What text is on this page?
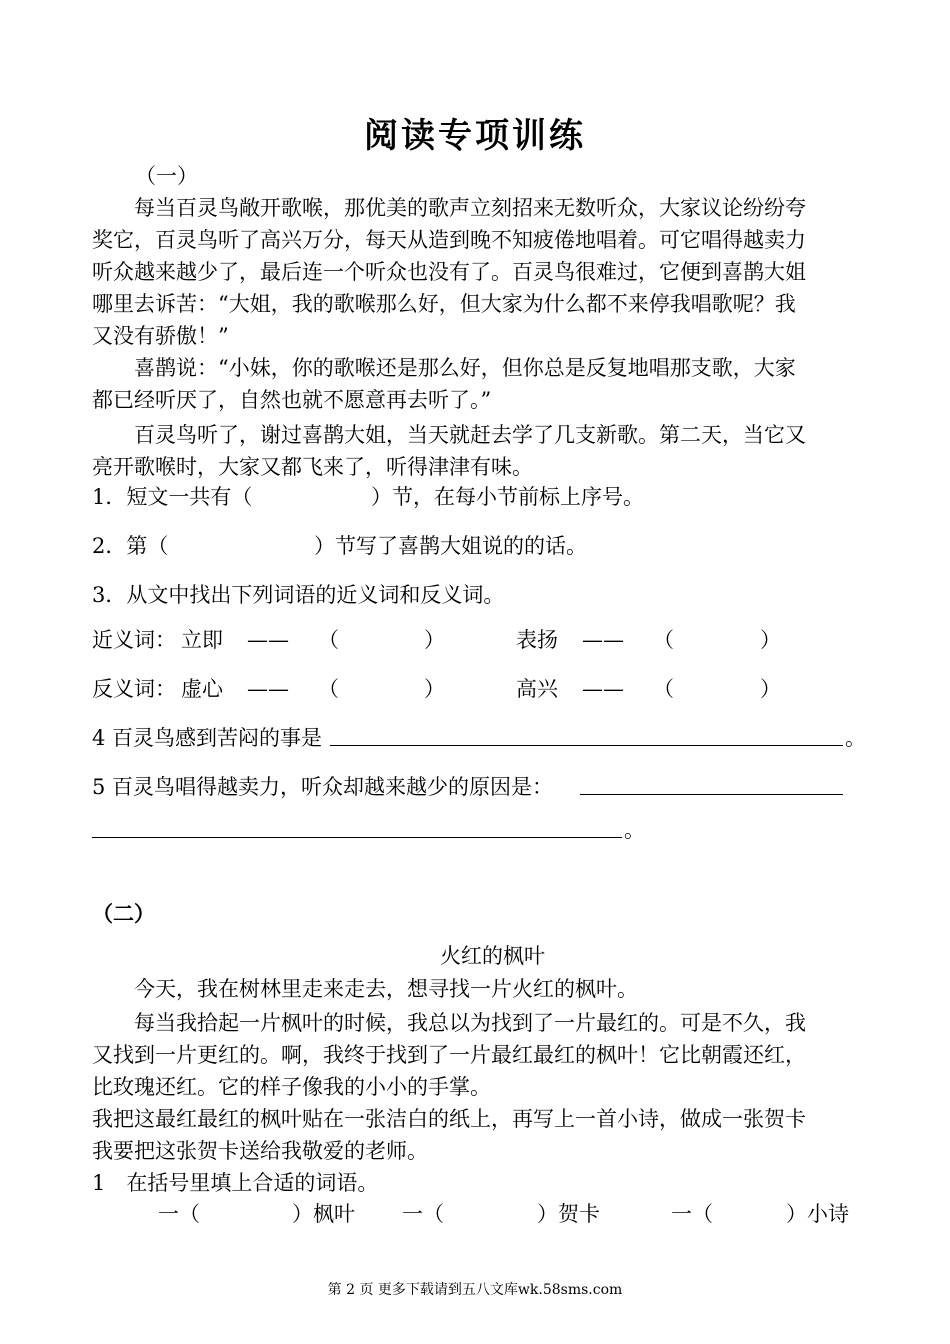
阅读专项训练
（一）
每当百灵鸟敞开歌喉，那优美的歌声立刻招来无数听众，大家议论纷纷夸
奖它，百灵鸟听了高兴万分，每天从造到晚不知疲倦地唱着。可它唱得越卖力
听众越来越少了，最后连一个听众也没有了。百灵鸟很难过，它便到喜鹊大姐
哪里去诉苦：“大姐，我的歌喉那么好，但大家为什么都不来停我唱歌呢？我
又没有骄傲！”
喜鹊说：“小妹，你的歌喉还是那么好，但你总是反复地唱那支歌，大家
都已经听厌了，自然也就不愿意再去听了。”
百灵鸟听了，谢过喜鹊大姐，当天就赶去学了几支新歌。第二天，当它又
亮开歌喉时，大家又都飞来了，听得津津有味。
1．短文一共有（	）节，在每小节前标上序号。
2．第（	）节写了喜鹊大姐说的的话。
3．从文中找出下列词语的近义词和反义词。
近义词： 立即 —— （	）	表扬 —— （	）
反义词： 虚心 —— （	）	高兴 —— （	）
4 百灵鸟感到苦闷的事是	。
5 百灵鸟唱得越卖力，听众却越来越少的原因是：
。
（二）
火红的枫叶
今天，我在树林里走来走去，想寻找一片火红的枫叶。
每当我拾起一片枫叶的时候，我总以为找到了一片最红的。可是不久，我
又找到一片更红的。啊，我终于找到了一片最红最红的枫叶！它比朝霞还红，
比玫瑰还红。它的样子像我的小小的手掌。
我把这最红最红的枫叶贴在一张洁白的纸上，再写上一首小诗，做成一张贺卡
我要把这张贺卡送给我敬爱的老师。
1　在括号里填上合适的词语。
一（	）枫叶 一（	）贺卡	一（	）小诗
第 2 页 更多下载请到五八文库wk.58sms.com
